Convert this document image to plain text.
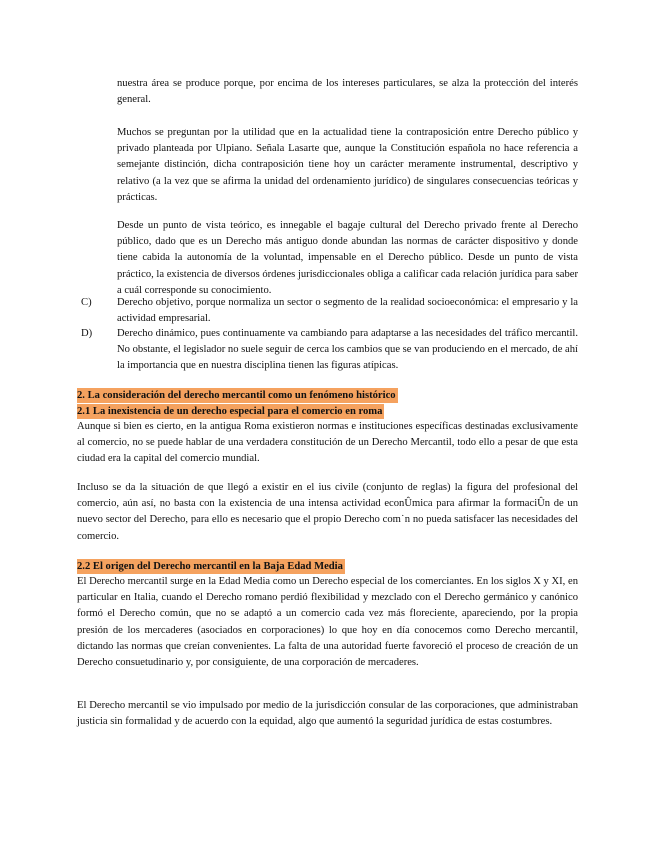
nuestra área se produce porque, por encima de los intereses particulares, se alza la protección del interés general.

Muchos se preguntan por la utilidad que en la actualidad tiene la contraposición entre Derecho público y privado planteada por Ulpiano. Señala Lasarte que, aunque la Constitución española no hace referencia a semejante distinción, dicha contraposición tiene hoy un carácter meramente instrumental, descriptivo y relativo (a la vez que se afirma la unidad del ordenamiento jurídico) de singulares consecuencias teóricas y prácticas.

Desde un punto de vista teórico, es innegable el bagaje cultural del Derecho privado frente al Derecho público, dado que es un Derecho más antiguo donde abundan las normas de carácter dispositivo y donde tiene cabida la autonomía de la voluntad, impensable en el Derecho público. Desde un punto de vista práctico, la existencia de diversos órdenes jurisdiccionales obliga a calificar cada relación jurídica para saber a cuál corresponde su conocimiento.

C) Derecho objetivo, porque normaliza un sector o segmento de la realidad socioeconómica: el empresario y la actividad empresarial.
D) Derecho dinámico, pues continuamente va cambiando para adaptarse a las necesidades del tráfico mercantil. No obstante, el legislador no suele seguir de cerca los cambios que se van produciendo en el mercado, de ahí la importancia que en nuestra disciplina tienen las figuras atípicas.
2. La consideración del derecho mercantil como un fenómeno histórico
2.1 La inexistencia de un derecho especial para el comercio en roma

Aunque si bien es cierto, en la antigua Roma existieron normas e instituciones específicas destinadas exclusivamente al comercio, no se puede hablar de una verdadera constitución de un Derecho Mercantil, todo ello a pesar de que esta ciudad era la capital del comercio mundial.

Incluso se da la situación de que llegó a existir en el ius civile (conjunto de reglas) la figura del profesional del comercio, aún así, no basta con la existencia de una intensa actividad econÛmica para afirmar la formaciÛn de un nuevo sector del Derecho, para ello es necesario que el propio Derecho com˙n no pueda satisfacer las necesidades del comercio.

2.2 El origen del Derecho mercantil en la Baja Edad Media

El Derecho mercantil surge en la Edad Media como un Derecho especial de los comerciantes. En los siglos X y XI, en particular en Italia, cuando el Derecho romano perdió flexibilidad y mezclado con el Derecho germánico y canónico formó el Derecho común, que no se adaptó a un comercio cada vez más floreciente, apareciendo, por la propia presión de los mercaderes (asociados en corporaciones) lo que hoy en día conocemos como Derecho mercantil, dictando las normas que creían convenientes. La falta de una autoridad fuerte favoreció el proceso de creación de un Derecho consuetudinario y, por consiguiente, de una corporación de mercaderes.

El Derecho mercantil se vio impulsado por medio de la jurisdicción consular de las corporaciones, que administraban justicia sin formalidad y de acuerdo con la equidad, algo que aumentó la seguridad jurídica de estas costumbres.
